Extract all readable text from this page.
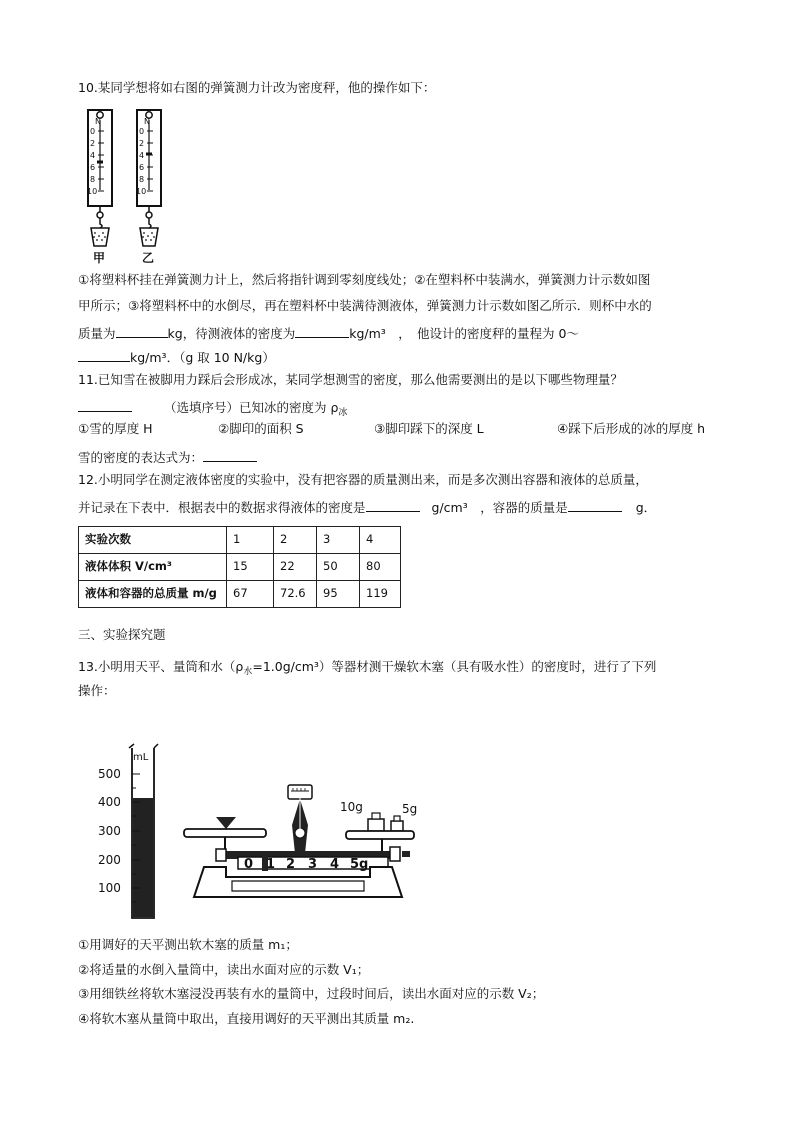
10.某同学想将如右图的弹簧测力计改为密度秤，他的操作如下：
N
0
2
4
6
8
10
甲
N
0
2
4
6
8
10
乙
①将塑料杯挂在弹簧测力计上，然后将指针调到零刻度线处；②在塑料杯中装满水，弹簧测力计示数如图
甲所示；③将塑料杯中的水倒尽，再在塑料杯中装满待测液体，弹簧测力计示数如图乙所示．则杯中水的
质量为	kg，待测液体的密度为	kg/m³　，　他设计的密度秤的量程为 0～
kg/m³．（g 取 10 N/kg）
11.已知雪在被脚用力踩后会形成冰，某同学想测雪的密度，那么他需要测出的是以下哪些物理量？
（选填序号）已知冰的密度为 $\rho_冰$
①雪的厚度 H	②脚印的面积 S	③脚印踩下的深度 L	④踩下后形成的冰的厚度 h
雪的密度的表达式为：
12.小明同学在测定液体密度的实验中，没有把容器的质量测出来，而是多次测出容器和液体的总质量，
并记录在下表中．根据表中的数据求得液体的密度是	g/cm³　，容器的质量是	g．
实验次数	1	2	3	4
液体体积 V/cm³	15	22	50	80
液体和容器的总质量 m/g	67	72.6	95	119
三、实验探究题
13.小明用天平、量筒和水$(\rho_水=1.0g/cm^3)$等器材测干燥软木塞（具有吸水性）的密度时，进行了下列
操作：
mL
500
400
300
200
100
10g	5g
0 1 2 3 4 5g
①用调好的天平测出软木塞的质量 m₁；
②将适量的水倒入量筒中，读出水面对应的示数 V₁；
③用细铁丝将软木塞浸没再装有水的量筒中，过段时间后，读出水面对应的示数 V₂；
④将软木塞从量筒中取出，直接用调好的天平测出其质量 m₂.
